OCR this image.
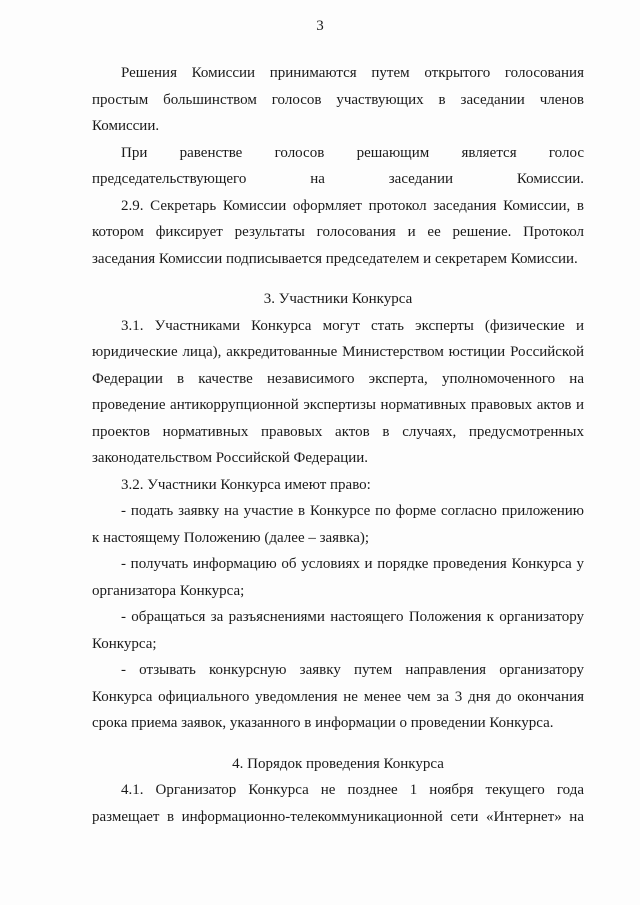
3

Решения Комиссии принимаются путем открытого голосования простым большинством голосов участвующих в заседании членов Комиссии.

При равенстве голосов решающим является голос председательствующего на заседании Комиссии.

2.9. Секретарь Комиссии оформляет протокол заседания Комиссии, в котором фиксирует результаты голосования и ее решение. Протокол заседания Комиссии подписывается председателем и секретарем Комиссии.

3. Участники Конкурса

3.1. Участниками Конкурса могут стать эксперты (физические и юридические лица), аккредитованные Министерством юстиции Российской Федерации в качестве независимого эксперта, уполномоченного на проведение антикоррупционной экспертизы нормативных правовых актов и проектов нормативных правовых актов в случаях, предусмотренных законодательством Российской Федерации.

3.2. Участники Конкурса имеют право:

- подать заявку на участие в Конкурсе по форме согласно приложению к настоящему Положению (далее – заявка);

- получать информацию об условиях и порядке проведения Конкурса у организатора Конкурса;

- обращаться за разъяснениями настоящего Положения к организатору Конкурса;

- отзывать конкурсную заявку путем направления организатору Конкурса официального уведомления не менее чем за 3 дня до окончания срока приема заявок, указанного в информации о проведении Конкурса.

4. Порядок проведения Конкурса

4.1. Организатор Конкурса не позднее 1 ноября текущего года размещает в информационно-телекоммуникационной сети «Интернет» на
